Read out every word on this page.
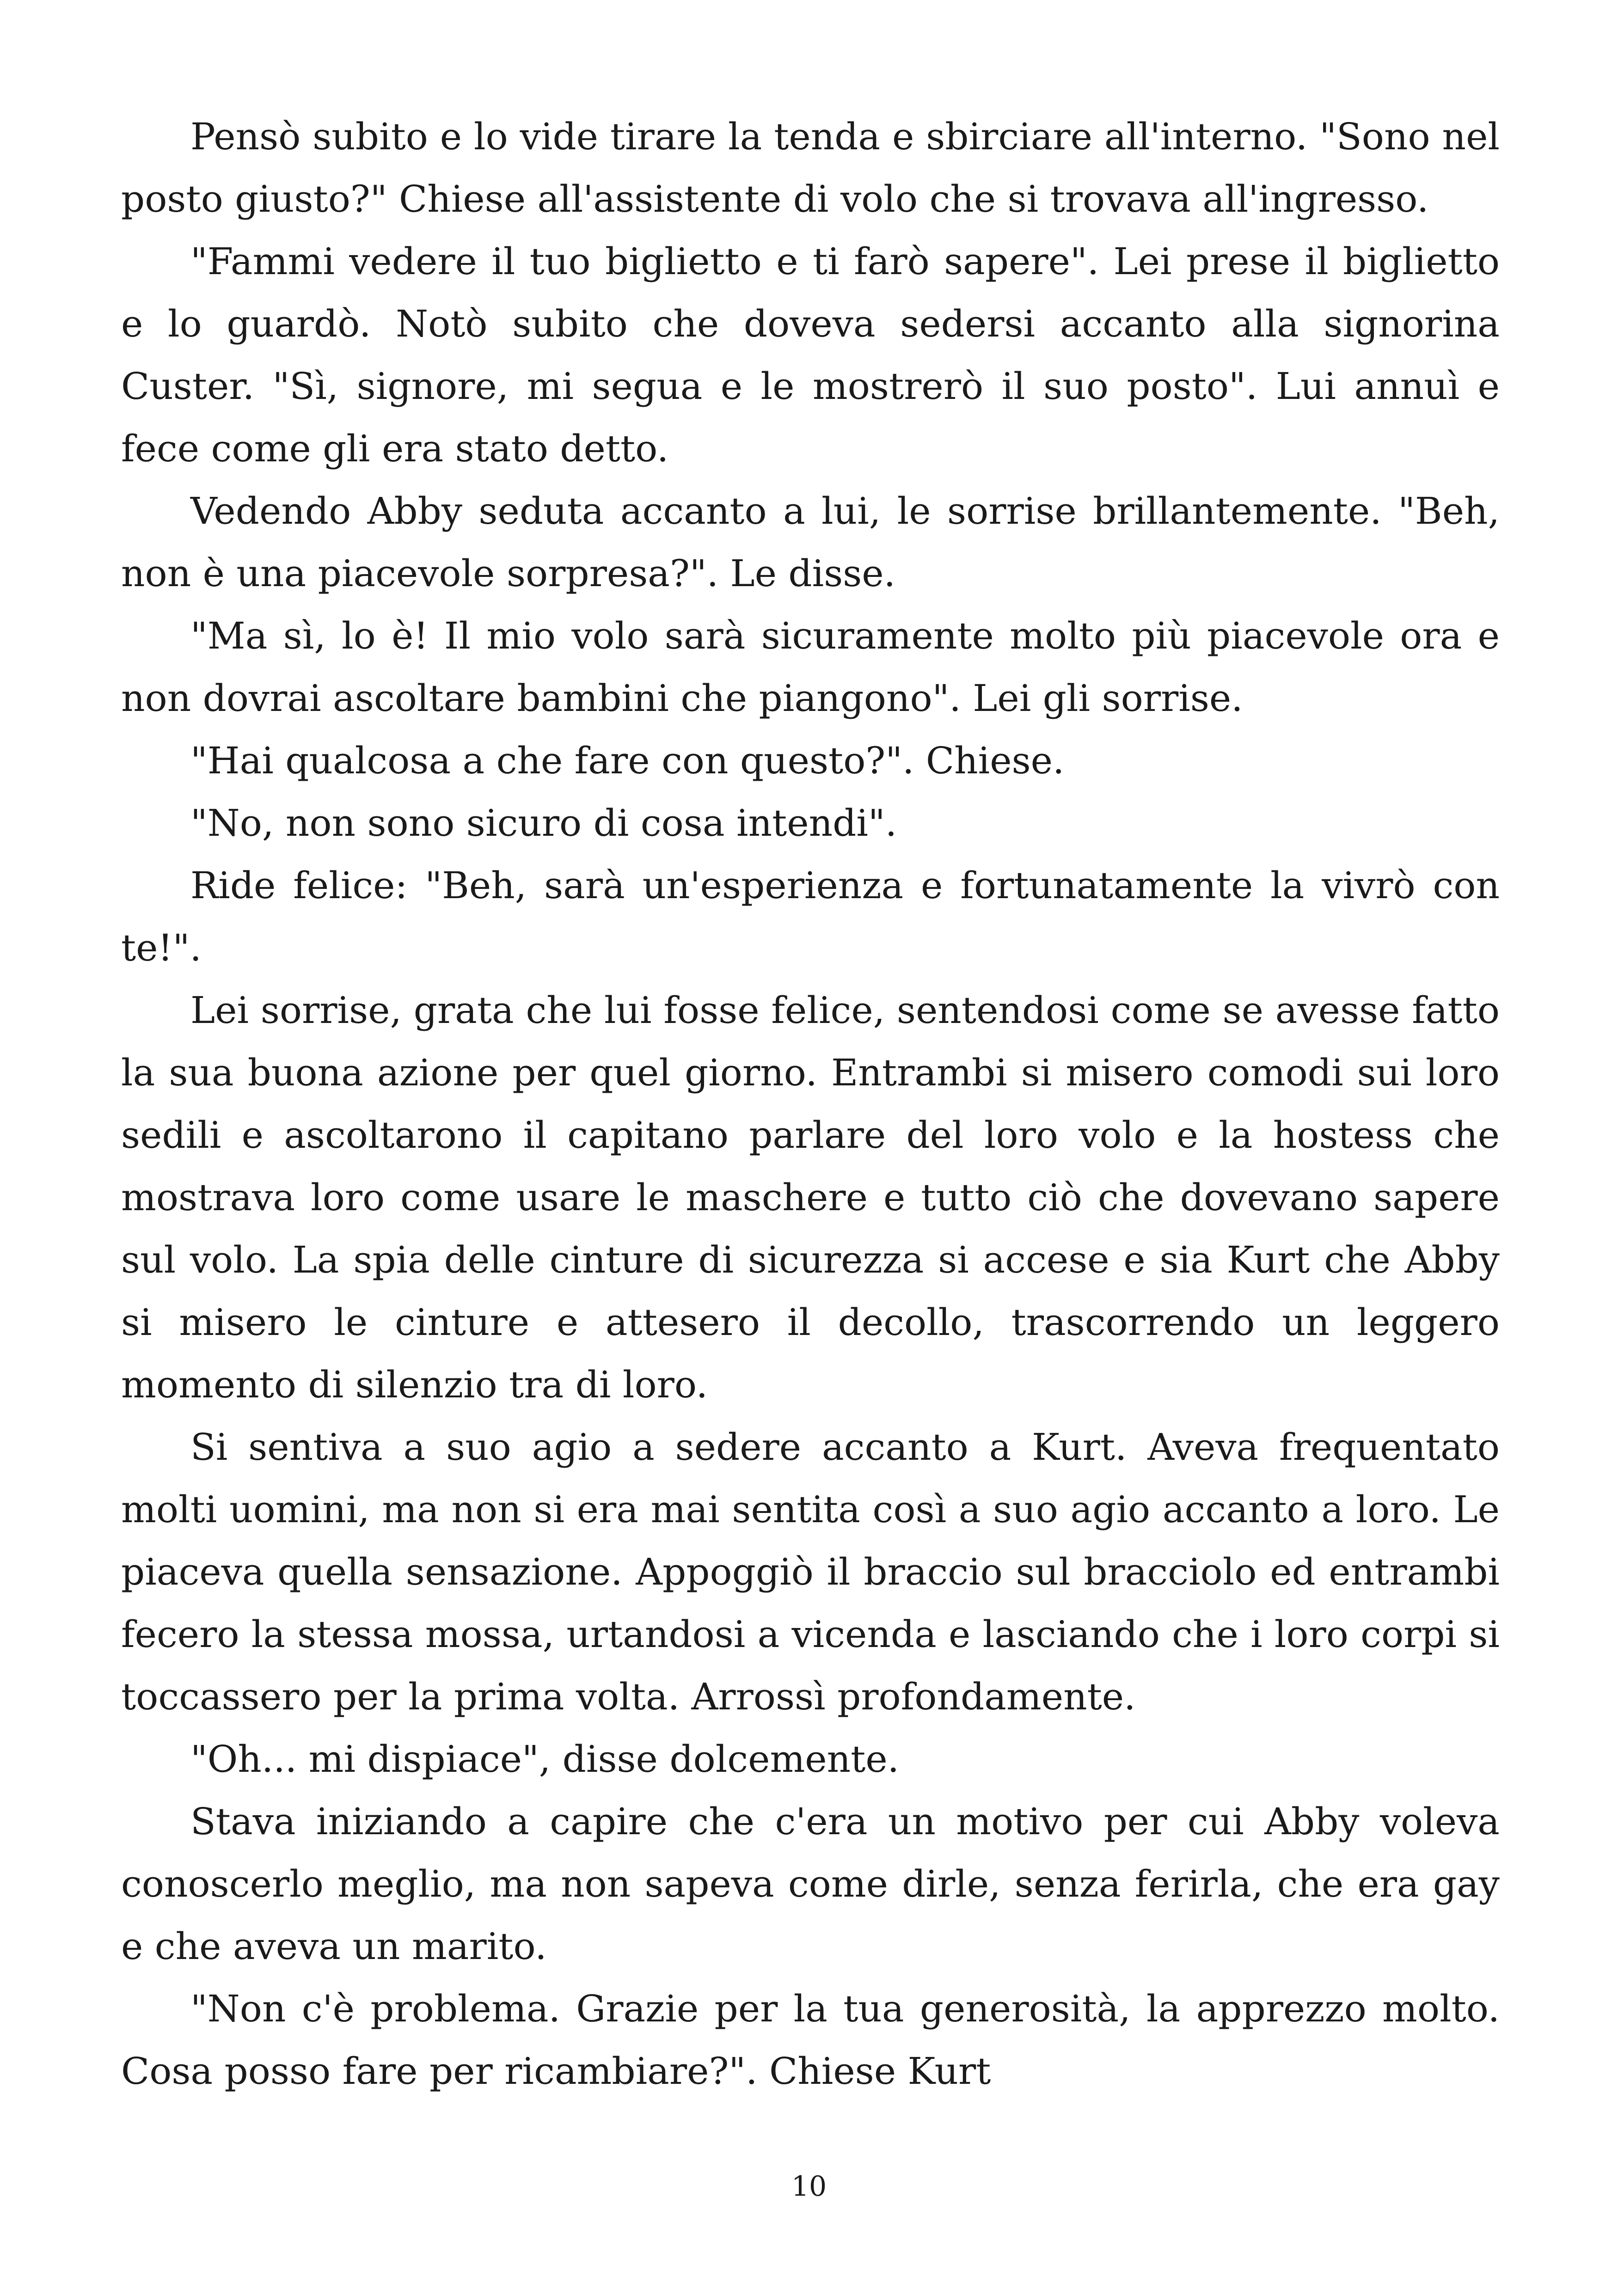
Pensò subito e lo vide tirare la tenda e sbirciare all'interno. "Sono nel posto giusto?" Chiese all'assistente di volo che si trovava all'ingresso.

"Fammi vedere il tuo biglietto e ti farò sapere". Lei prese il biglietto e lo guardò. Notò subito che doveva sedersi accanto alla signorina Custer. "Sì, signore, mi segua e le mostrerò il suo posto". Lui annuì e fece come gli era stato detto.

Vedendo Abby seduta accanto a lui, le sorrise brillantemente. "Beh, non è una piacevole sorpresa?". Le disse.

"Ma sì, lo è! Il mio volo sarà sicuramente molto più piacevole ora e non dovrai ascoltare bambini che piangono". Lei gli sorrise.

"Hai qualcosa a che fare con questo?". Chiese.

"No, non sono sicuro di cosa intendi".

Ride felice: "Beh, sarà un'esperienza e fortunatamente la vivrò con te!".

Lei sorrise, grata che lui fosse felice, sentendosi come se avesse fatto la sua buona azione per quel giorno. Entrambi si misero comodi sui loro sedili e ascoltarono il capitano parlare del loro volo e la hostess che mostrava loro come usare le maschere e tutto ciò che dovevano sapere sul volo. La spia delle cinture di sicurezza si accese e sia Kurt che Abby si misero le cinture e attesero il decollo, trascorrendo un leggero momento di silenzio tra di loro.

Si sentiva a suo agio a sedere accanto a Kurt. Aveva frequentato molti uomini, ma non si era mai sentita così a suo agio accanto a loro. Le piaceva quella sensazione. Appoggiò il braccio sul bracciolo ed entrambi fecero la stessa mossa, urtandosi a vicenda e lasciando che i loro corpi si toccassero per la prima volta. Arrossì profondamente.

"Oh... mi dispiace", disse dolcemente.

Stava iniziando a capire che c'era un motivo per cui Abby voleva conoscerlo meglio, ma non sapeva come dirle, senza ferirla, che era gay e che aveva un marito.

"Non c'è problema. Grazie per la tua generosità, la apprezzo molto. Cosa posso fare per ricambiare?". Chiese Kurt

10
